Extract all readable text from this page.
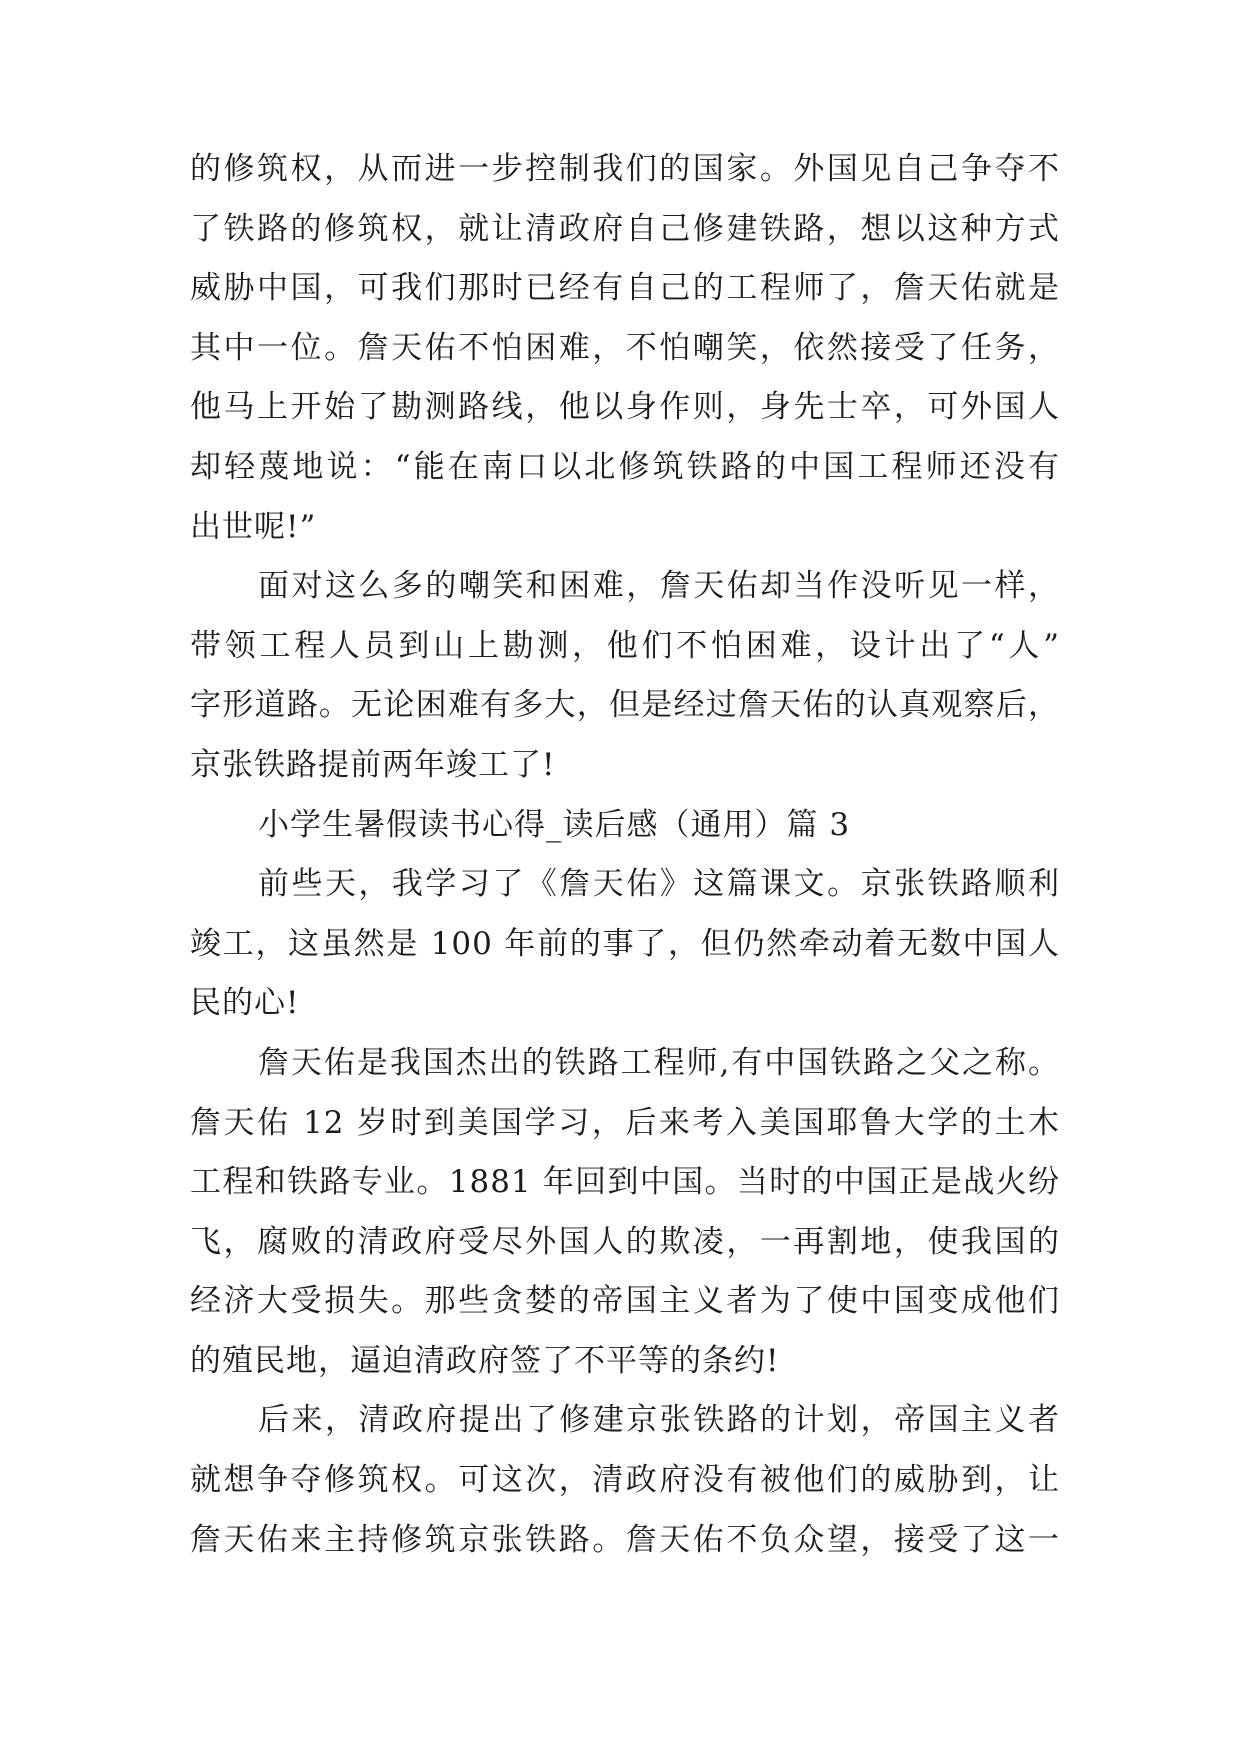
的修筑权，从而进一步控制我们的国家。外国见自己争夺不
了铁路的修筑权，就让清政府自己修建铁路，想以这种方式
威胁中国，可我们那时已经有自己的工程师了，詹天佑就是
其中一位。詹天佑不怕困难，不怕嘲笑，依然接受了任务，
他马上开始了勘测路线，他以身作则，身先士卒，可外国人
却轻蔑地说：“能在南口以北修筑铁路的中国工程师还没有
出世呢!”
面对这么多的嘲笑和困难，詹天佑却当作没听见一样，
带领工程人员到山上勘测，他们不怕困难，设计出了“人”
字形道路。无论困难有多大，但是经过詹天佑的认真观察后，
京张铁路提前两年竣工了!
小学生暑假读书心得_读后感（通用）篇 3
前些天，我学习了《詹天佑》这篇课文。京张铁路顺利
竣工，这虽然是 100 年前的事了，但仍然牵动着无数中国人
民的心!
詹天佑是我国杰出的铁路工程师,有中国铁路之父之称。
詹天佑 12 岁时到美国学习，后来考入美国耶鲁大学的土木
工程和铁路专业。1881 年回到中国。当时的中国正是战火纷
飞，腐败的清政府受尽外国人的欺凌，一再割地，使我国的
经济大受损失。那些贪婪的帝国主义者为了使中国变成他们
的殖民地，逼迫清政府签了不平等的条约!
后来，清政府提出了修建京张铁路的计划，帝国主义者
就想争夺修筑权。可这次，清政府没有被他们的威胁到，让
詹天佑来主持修筑京张铁路。詹天佑不负众望，接受了这一
